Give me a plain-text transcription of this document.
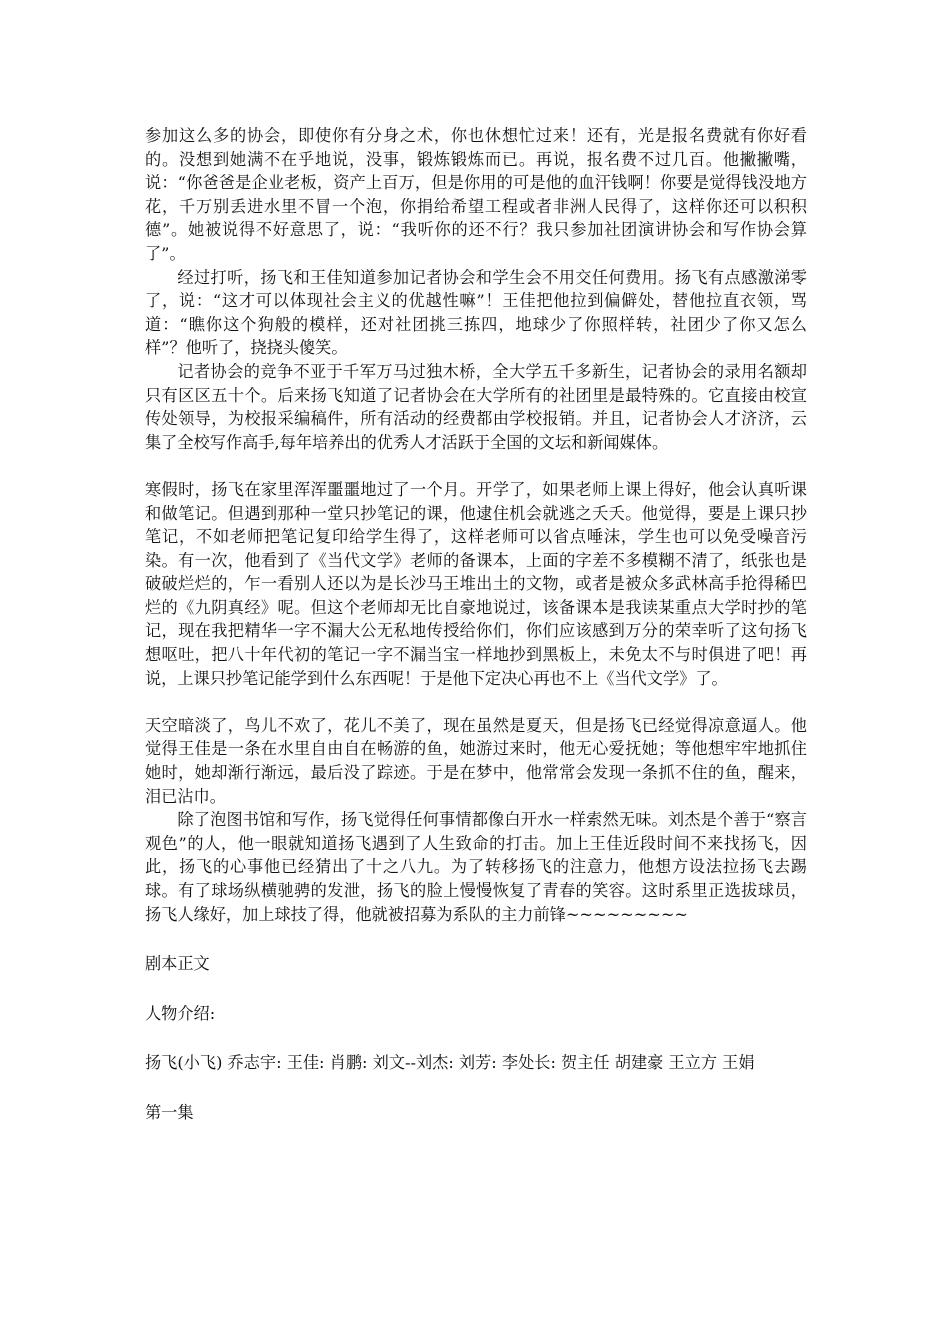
参加这么多的协会，即使你有分身之术，你也休想忙过来！还有，光是报名费就有你好看的。没想到她满不在乎地说，没事，锻炼锻炼而已。再说，报名费不过几百。他撇撇嘴，说：“你爸爸是企业老板，资产上百万，但是你用的可是他的血汗钱啊！你要是觉得钱没地方花，千万别丢进水里不冒一个泡，你捐给希望工程或者非洲人民得了，这样你还可以积积德”。她被说得不好意思了，说：“我听你的还不行？我只参加社团演讲协会和写作协会算了”。

经过打听，扬飞和王佳知道参加记者协会和学生会不用交任何费用。扬飞有点感激涕零了，说：“这才可以体现社会主义的优越性嘛”！王佳把他拉到偏僻处，替他拉直衣领，骂道：“瞧你这个狗般的模样，还对社团挑三拣四，地球少了你照样转，社团少了你又怎么样”？他听了，挠挠头傻笑。

记者协会的竞争不亚于千军万马过独木桥，全大学五千多新生，记者协会的录用名额却只有区区五十个。后来扬飞知道了记者协会在大学所有的社团里是最特殊的。它直接由校宣传处领导，为校报采编稿件，所有活动的经费都由学校报销。并且，记者协会人才济济，云集了全校写作高手,每年培养出的优秀人才活跃于全国的文坛和新闻媒体。

寒假时，扬飞在家里浑浑噩噩地过了一个月。开学了，如果老师上课上得好，他会认真听课和做笔记。但遇到那种一堂只抄笔记的课，他逮住机会就逃之夭夭。他觉得，要是上课只抄笔记，不如老师把笔记复印给学生得了，这样老师可以省点唾沫，学生也可以免受噪音污染。有一次，他看到了《当代文学》老师的备课本，上面的字差不多模糊不清了，纸张也是破破烂烂的，乍一看别人还以为是长沙马王堆出土的文物，或者是被众多武林高手抢得稀巴烂的《九阴真经》呢。但这个老师却无比自豪地说过，该备课本是我读某重点大学时抄的笔记，现在我把精华一字不漏大公无私地传授给你们，你们应该感到万分的荣幸听了这句扬飞想呕吐，把八十年代初的笔记一字不漏当宝一样地抄到黑板上，未免太不与时俱进了吧！再说，上课只抄笔记能学到什么东西呢！于是他下定决心再也不上《当代文学》了。

天空暗淡了，鸟儿不欢了，花儿不美了，现在虽然是夏天，但是扬飞已经觉得凉意逼人。他觉得王佳是一条在水里自由自在畅游的鱼，她游过来时，他无心爱抚她；等他想牢牢地抓住她时，她却渐行渐远，最后没了踪迹。于是在梦中，他常常会发现一条抓不住的鱼，醒来，泪已沾巾。

除了泡图书馆和写作，扬飞觉得任何事情都像白开水一样索然无味。刘杰是个善于“察言观色”的人，他一眼就知道扬飞遇到了人生致命的打击。加上王佳近段时间不来找扬飞，因此，扬飞的心事他已经猜出了十之八九。为了转移扬飞的注意力，他想方设法拉扬飞去踢球。有了球场纵横驰骋的发泄，扬飞的脸上慢慢恢复了青春的笑容。这时系里正选拔球员，扬飞人缘好，加上球技了得，他就被招募为系队的主力前锋~~~~~~~~~

剧本正文

人物介绍:

扬飞(小飞) 乔志宇: 王佳: 肖鹏: 刘文--刘杰: 刘芳: 李处长: 贺主任 胡建豪 王立方 王娟

第一集
